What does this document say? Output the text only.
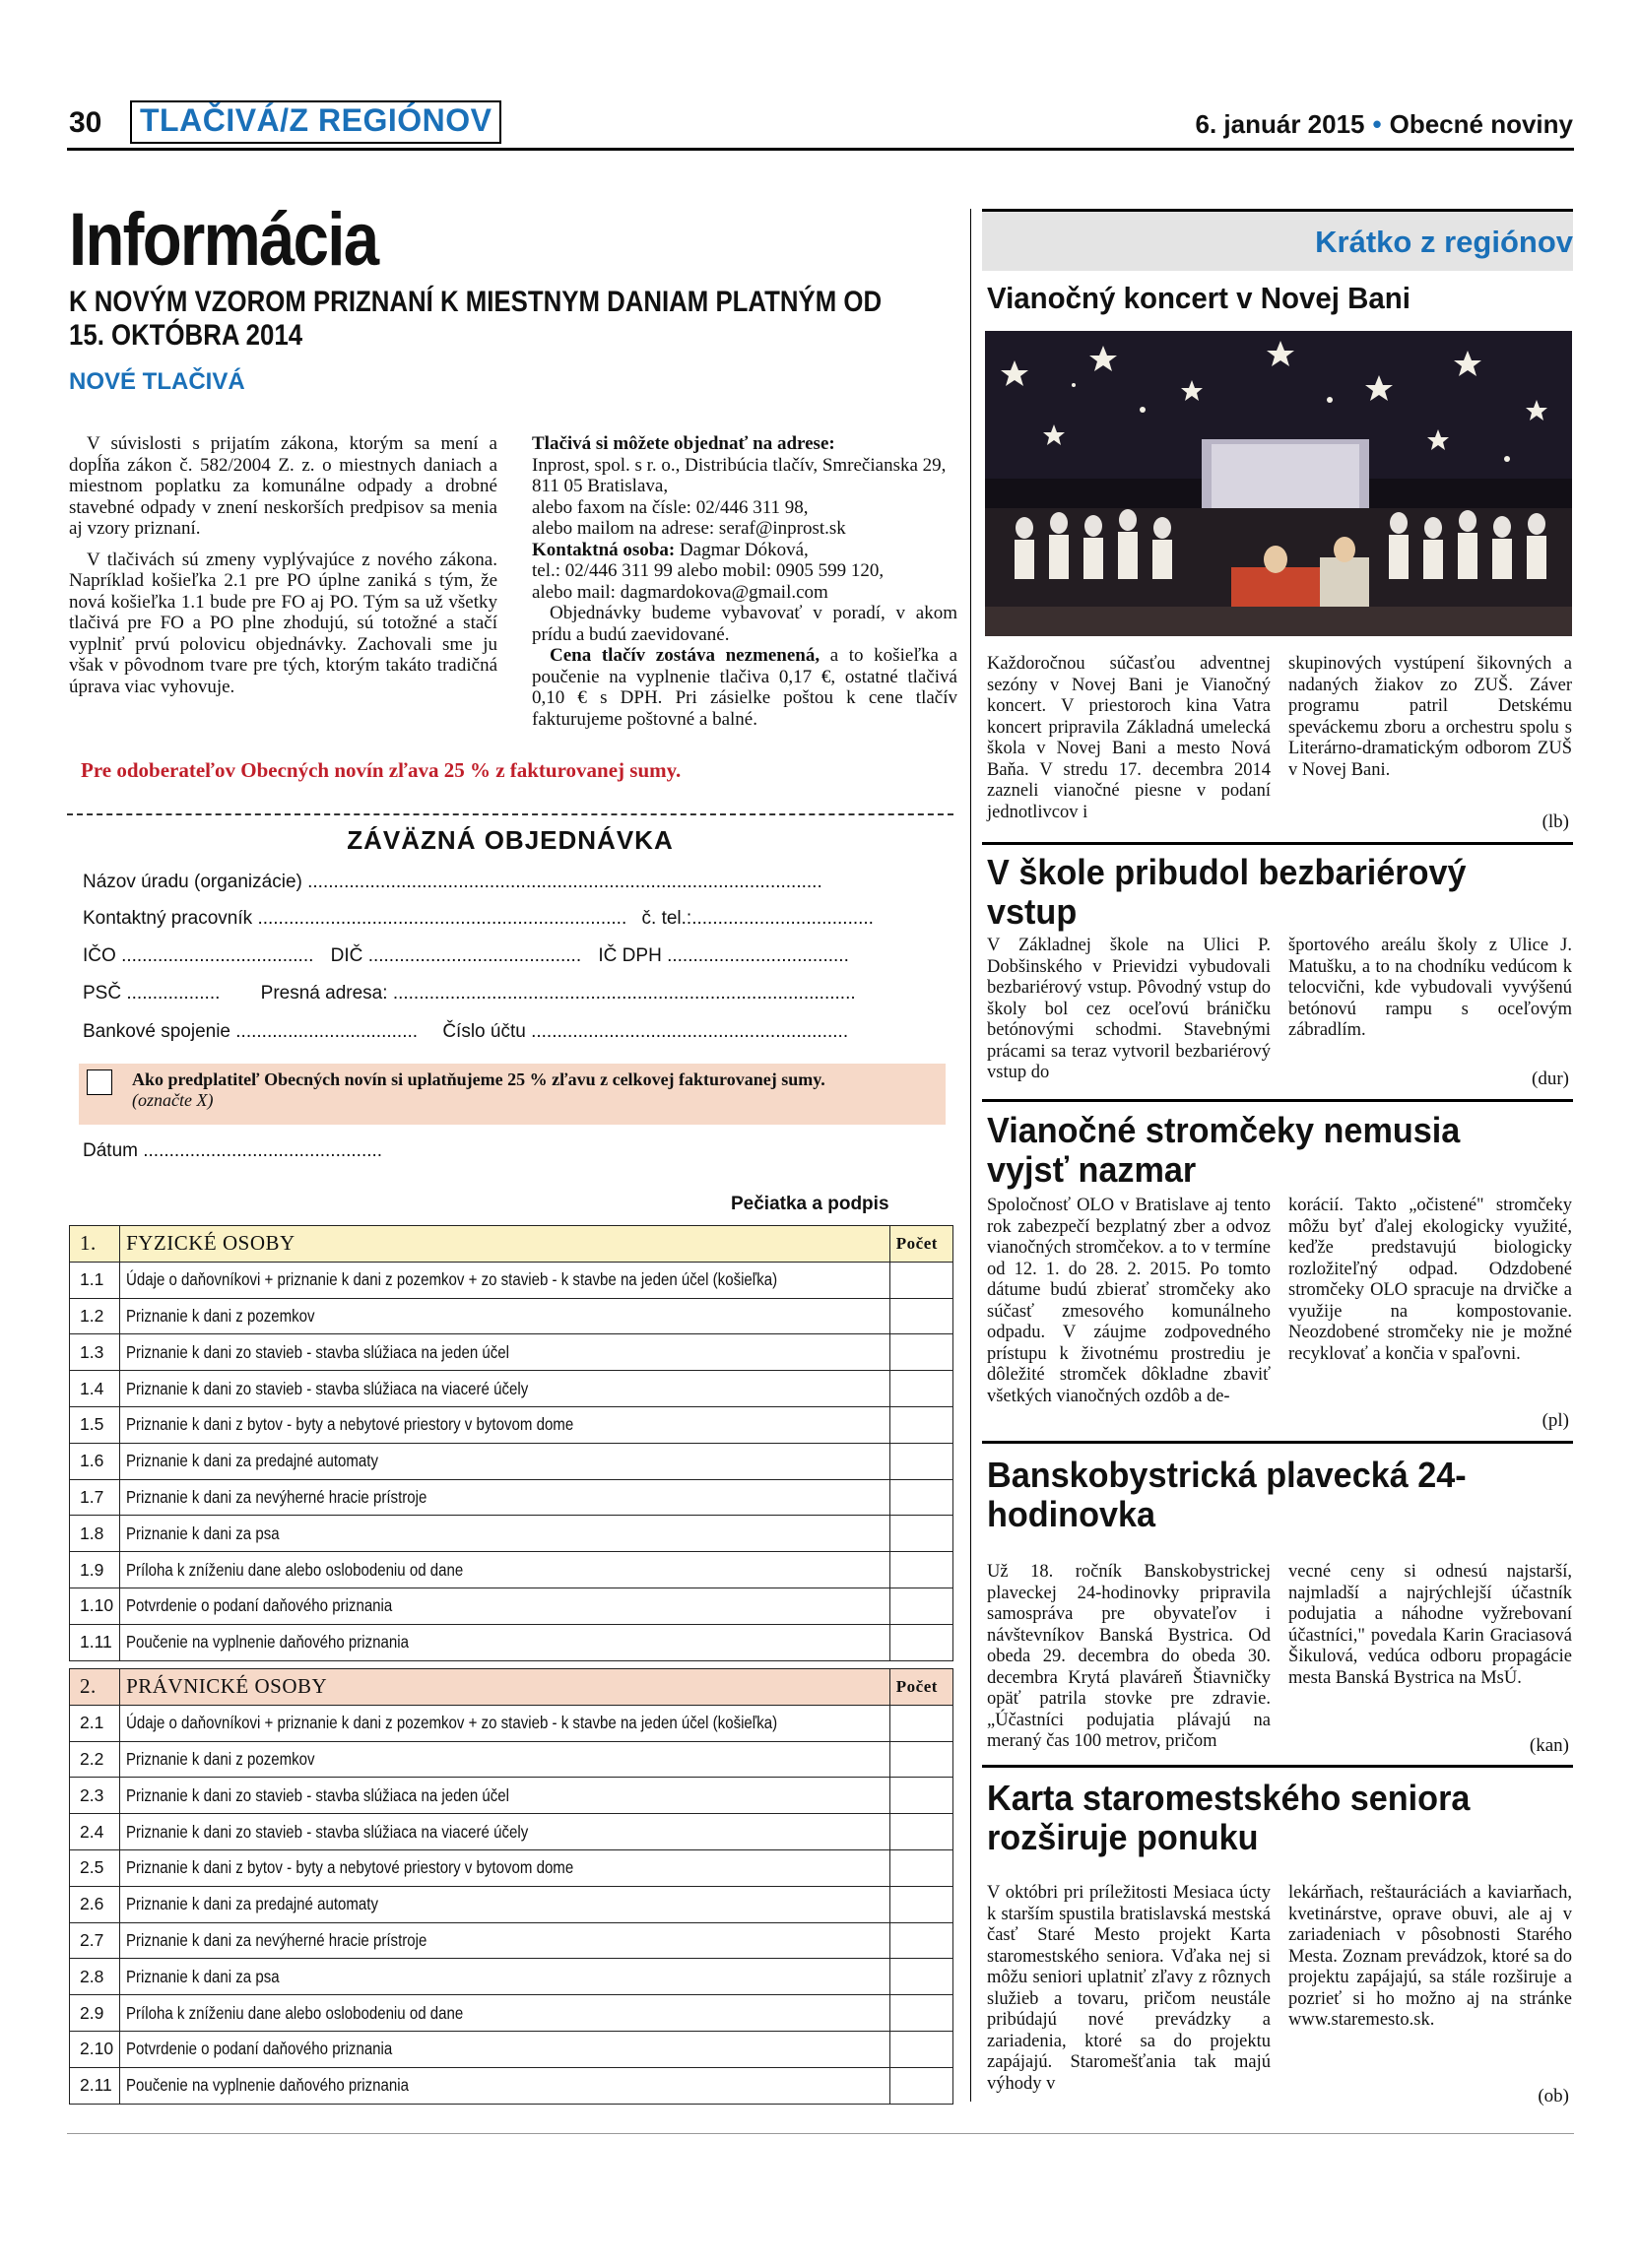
30	TLAČIVÁ/Z REGIÓNOV	6. január 2015 • Obecné noviny
Informácia
K NOVÝM VZOROM PRIZNANÍ K MIESTNYM DANIAM PLATNÝM OD 15. OKTÓBRA 2014
NOVÉ TLAČIVÁ

V súvislosti s prijatím zákona, ktorým sa mení a dopĺňa zákon č. 582/2004 Z. z. o miestnych daniach a miestnom poplatku za komunálne odpady a drobné stavebné odpady v znení neskorších predpisov sa menia aj vzory priznaní.

V tlačivách sú zmeny vyplývajúce z nového zákona. Napríklad košieľka 2.1 pre PO úplne zaniká s tým, že nová košieľka 1.1 bude pre FO aj PO. Tým sa už všetky tlačivá pre FO a PO plne zhodujú, sú totožné a stačí vyplniť prvú polovicu objednávky. Zachovali sme ju však v pôvodnom tvare pre tých, ktorým takáto tradičná úprava viac vyhovuje.

Tlačivá si môžete objednať na adrese:

Inprost, spol. s r. o., Distribúcia tlačív, Smrečianska 29,

811 05 Bratislava,

alebo faxom na čísle: 02/446 311 98,

alebo mailom na adrese: seraf@inprost.sk

Kontaktná osoba: Dagmar Dóková,

tel.: 02/446 311 99 alebo mobil: 0905 599 120,

alebo mail: dagmardokova@gmail.com

Objednávky budeme vybavovať v poradí, v akom prídu a budú zaevidované.

Cena tlačív zostáva nezmenená, a to košieľka a poučenie na vyplnenie tlačiva 0,17 €, ostatné tlačivá 0,10 € s DPH. Pri zásielke poštou k cene tlačív fakturujeme poštovné a balné.

Pre odoberateľov Obecných novín zľava 25 % z fakturovanej sumy.
ZÁVÄZNÁ OBJEDNÁVKA
Názov úradu (organizácie) ...................................................................................................
Kontaktný pracovník ....................................................................... č. tel.:...................................
IČO ..................................... DIČ ......................................... IČ DPH ...................................
PSČ .................. Presná adresa: .........................................................................................
Bankové spojenie ................................... Číslo účtu .............................................................
Ako predplatiteľ Obecných novín si uplatňujeme 25 % zľavu z celkovej fakturovanej sumy.
(označte X)
Dátum ..............................................
Pečiatka a podpis
1.	FYZICKÉ OSOBY	Počet
1.1	Údaje o daňovníkovi + priznanie k dani z pozemkov + zo stavieb - k stavbe na jeden účel (košieľka)	
1.2	Priznanie k dani z pozemkov	
1.3	Priznanie k dani zo stavieb - stavba slúžiaca na jeden účel	
1.4	Priznanie k dani zo stavieb - stavba slúžiaca na viaceré účely	
1.5	Priznanie k dani z bytov - byty a nebytové priestory v bytovom dome	
1.6	Priznanie k dani za predajné automaty	
1.7	Priznanie k dani za nevýherné hracie prístroje	
1.8	Priznanie k dani za psa	
1.9	Príloha k zníženiu dane alebo oslobodeniu od dane	
1.10	Potvrdenie o podaní daňového priznania	
1.11	Poučenie na vyplnenie daňového priznania	
2.	PRÁVNICKÉ OSOBY	Počet
2.1	Údaje o daňovníkovi + priznanie k dani z pozemkov + zo stavieb - k stavbe na jeden účel (košieľka)	
2.2	Priznanie k dani z pozemkov	
2.3	Priznanie k dani zo stavieb - stavba slúžiaca na jeden účel	
2.4	Priznanie k dani zo stavieb - stavba slúžiaca na viaceré účely	
2.5	Priznanie k dani z bytov - byty a nebytové priestory v bytovom dome	
2.6	Priznanie k dani za predajné automaty	
2.7	Priznanie k dani za nevýherné hracie prístroje	
2.8	Priznanie k dani za psa	
2.9	Príloha k zníženiu dane alebo oslobodeniu od dane	
2.10	Potvrdenie o podaní daňového priznania	
2.11	Poučenie na vyplnenie daňového priznania	
Krátko z regiónov
Vianočný koncert v Novej Bani
Každoročnou súčasťou adventnej sezóny v Novej Bani je Vianočný koncert. V priestoroch kina Vatra koncert pripravila Základná umelecká škola v Novej Bani a mesto Nová Baňa. V stredu 17. decembra 2014 zazneli vianočné piesne v podaní jednotlivcov i
skupinových vystúpení šikovných a nadaných žiakov zo ZUŠ. Záver programu patril Detskému speváckemu zboru a orchestru spolu s Literárno-dramatickým odborom ZUŠ v Novej Bani.
(lb)
V škole pribudol bezbariérový vstup
V Základnej škole na Ulici P. Dobšinského v Prievidzi vybudovali bezbariérový vstup. Pôvodný vstup do školy bol cez oceľovú bráničku betónovými schodmi. Stavebnými prácami sa teraz vytvoril bezbariérový vstup do
športového areálu školy z Ulice J. Matušku, a to na chodníku vedúcom k telocvični, kde vybudovali vyvýšenú betónovú rampu s oceľovým zábradlím.
(dur)
Vianočné stromčeky nemusia vyjsť nazmar
Spoločnosť OLO v Bratislave aj tento rok zabezpečí bezplatný zber a odvoz vianočných stromčekov. a to v termíne od 12. 1. do 28. 2. 2015. Po tomto dátume budú zbierať stromčeky ako súčasť zmesového komunálneho odpadu. V záujme zodpovedného prístupu k životnému prostrediu je dôležité stromček dôkladne zbaviť všetkých vianočných ozdôb a de-
korácií. Takto „očistené" stromčeky môžu byť ďalej ekologicky využité, keďže predstavujú biologicky rozložiteľný odpad. Odzdobené stromčeky OLO spracuje na drvičke a využije na kompostovanie. Neozdobené stromčeky nie je možné recyklovať a končia v spaľovni.
(pl)
Banskobystrická plavecká 24-hodinovka
Už 18. ročník Banskobystrickej plaveckej 24-hodinovky pripravila samospráva pre obyvateľov i návštevníkov Banská Bystrica. Od obeda 29. decembra do obeda 30. decembra Krytá plaváreň Štiavničky opäť patrila stovke pre zdravie. „Účastníci podujatia plávajú na meraný čas 100 metrov, pričom
vecné ceny si odnesú najstarší, najmladší a najrýchlejší účastník podujatia a náhodne vyžrebovaní účastníci," povedala Karin Graciasová Šikulová, vedúca odboru propagácie mesta Banská Bystrica na MsÚ.
(kan)
Karta staromestského seniora rozširuje ponuku
V októbri pri príležitosti Mesiaca úcty k starším spustila bratislavská mestská časť Staré Mesto projekt Karta staromestského seniora. Vďaka nej si môžu seniori uplatniť zľavy z rôznych služieb a tovaru, pričom neustále pribúdajú nové prevádzky a zariadenia, ktoré sa do projektu zapájajú. Staromešťania tak majú výhody v
lekárňach, reštauráciách a kaviarňach, kvetinárstve, oprave obuvi, ale aj v zariadeniach v pôsobnosti Starého Mesta. Zoznam prevádzok, ktoré sa do projektu zapájajú, sa stále rozširuje a pozrieť si ho možno aj na stránke www.staremesto.sk.
(ob)
